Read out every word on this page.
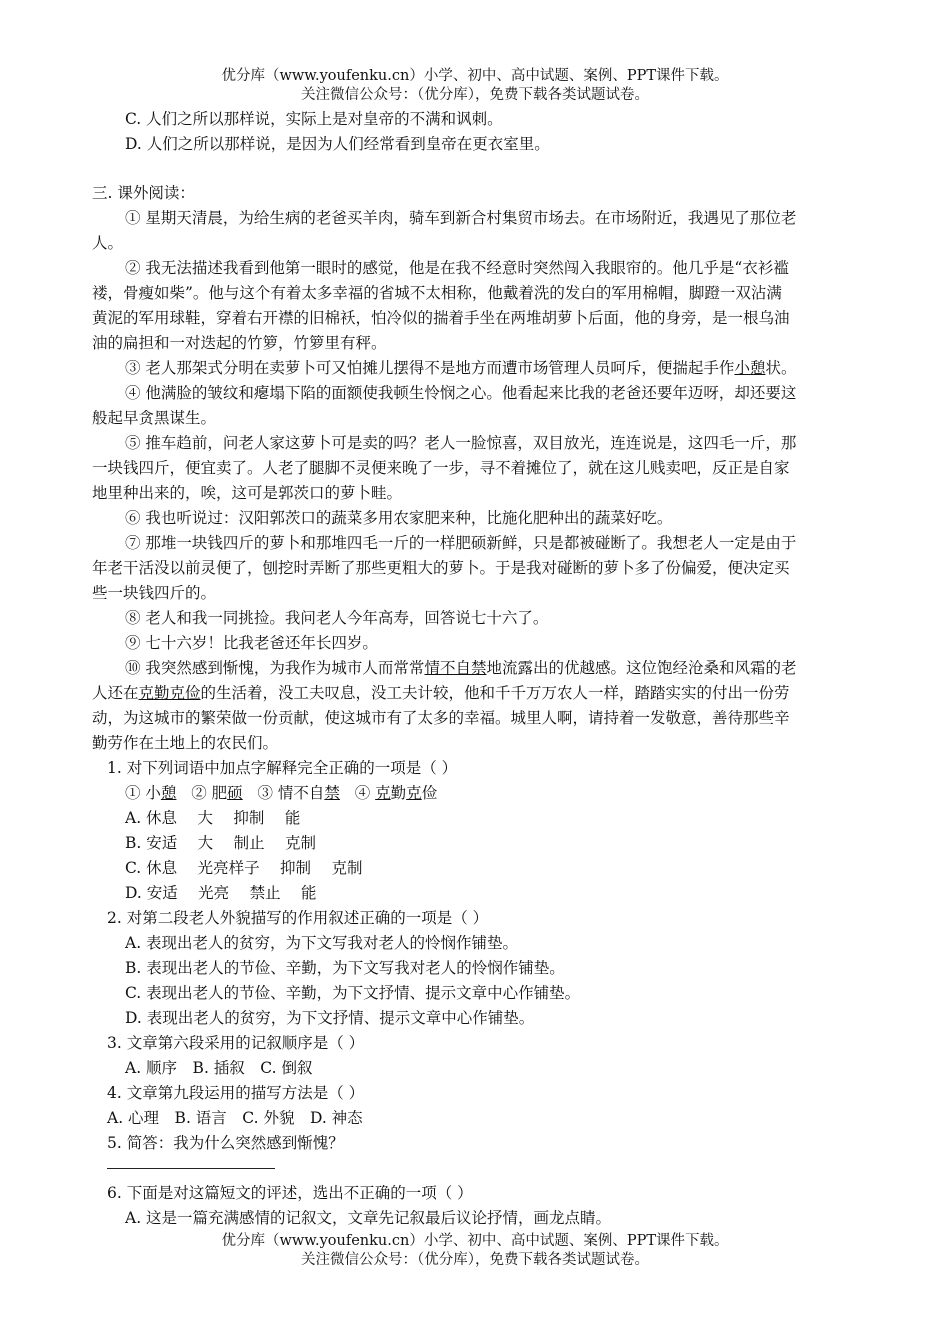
优分库（www.youfenku.cn）小学、初中、高中试题、案例、PPT课件下载。
关注微信公众号：（优分库），免费下载各类试题试卷。
C. 人们之所以那样说，实际上是对皇帝的不满和讽刺。
D. 人们之所以那样说，是因为人们经常看到皇帝在更衣室里。
三. 课外阅读：
① 星期天清晨，为给生病的老爸买羊肉，骑车到新合村集贸市场去。在市场附近，我遇见了那位老
人。
② 我无法描述我看到他第一眼时的感觉，他是在我不经意时突然闯入我眼帘的。他几乎是“衣衫褴
褛，骨瘦如柴”。他与这个有着太多幸福的省城不太相称，他戴着洗的发白的军用棉帽，脚蹬一双沾满
黄泥的军用球鞋，穿着右开襟的旧棉袄，怕冷似的揣着手坐在两堆胡萝卜后面，他的身旁，是一根乌油
油的扁担和一对迭起的竹箩，竹箩里有秤。
③ 老人那架式分明在卖萝卜可又怕摊儿摆得不是地方而遭市场管理人员呵斥，便揣起手作小憩状。
④ 他满脸的皱纹和瘪塌下陷的面额使我顿生怜悯之心。他看起来比我的老爸还要年迈呀，却还要这
般起早贪黑谋生。
⑤ 推车趋前，问老人家这萝卜可是卖的吗？老人一脸惊喜，双目放光，连连说是，这四毛一斤，那
一块钱四斤，便宜卖了。人老了腿脚不灵便来晚了一步，寻不着摊位了，就在这儿贱卖吧，反正是自家
地里种出来的，唉，这可是郭茨口的萝卜畦。
⑥ 我也听说过：汉阳郭茨口的蔬菜多用农家肥来种，比施化肥种出的蔬菜好吃。
⑦ 那堆一块钱四斤的萝卜和那堆四毛一斤的一样肥硕新鲜，只是都被碰断了。我想老人一定是由于
年老干活没以前灵便了，刨挖时弄断了那些更粗大的萝卜。于是我对碰断的萝卜多了份偏爱，便决定买
些一块钱四斤的。
⑧ 老人和我一同挑捡。我问老人今年高寿，回答说七十六了。
⑨ 七十六岁！比我老爸还年长四岁。
⑩ 我突然感到惭愧，为我作为城市人而常常情不自禁地流露出的优越感。这位饱经沧桑和风霜的老
人还在克勤克俭的生活着，没工夫叹息，没工夫计较，他和千千万万农人一样，踏踏实实的付出一份劳
动，为这城市的繁荣做一份贡献，使这城市有了太多的幸福。城里人啊，请持着一发敬意，善待那些辛
勤劳作在土地上的农民们。
1. 对下列词语中加点字解释完全正确的一项是（ ）
① 小憩 ② 肥硕 ③ 情不自禁 ④ 克勤克俭
A. 休息　 大　 抑制　 能
B. 安适　 大　 制止　 克制
C. 休息　 光亮样子　 抑制　 克制
D. 安适　 光亮　 禁止　 能
2. 对第二段老人外貌描写的作用叙述正确的一项是（ ）
A. 表现出老人的贫穷，为下文写我对老人的怜悯作铺垫。
B. 表现出老人的节俭、辛勤，为下文写我对老人的怜悯作铺垫。
C. 表现出老人的节俭、辛勤，为下文抒情、提示文章中心作铺垫。
D. 表现出老人的贫穷，为下文抒情、提示文章中心作铺垫。
3. 文章第六段采用的记叙顺序是（ ）
A. 顺序　B. 插叙　C. 倒叙
4. 文章第九段运用的描写方法是（ ）
A. 心理　B. 语言　C. 外貌　D. 神态
5. 简答：我为什么突然感到惭愧？
6. 下面是对这篇短文的评述，选出不正确的一项（ ）
A. 这是一篇充满感情的记叙文，文章先记叙最后议论抒情，画龙点睛。
优分库（www.youfenku.cn）小学、初中、高中试题、案例、PPT课件下载。
关注微信公众号：（优分库），免费下载各类试题试卷。
